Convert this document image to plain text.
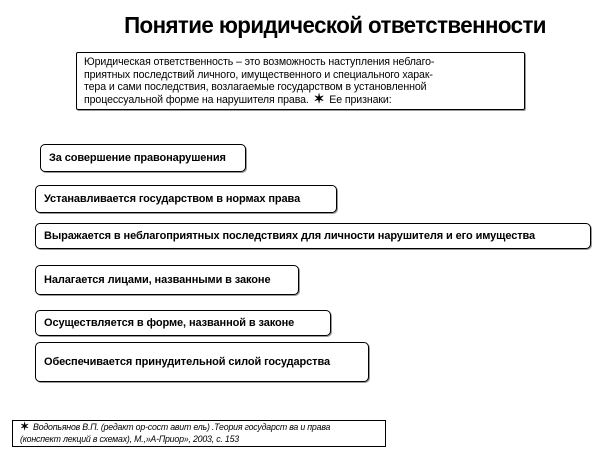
Понятие юридической ответственности
Юридическая ответственность – это возможность наступления неблаго-
приятных последствий личного, имущественного и специального харак-
тера и сами последствия, возлагаемые государством в установленной
процессуальной форме на нарушителя права. ✶ Ее признаки:
За совершение правонарушения
Устанавливается государством в нормах права
Выражается в неблагоприятных последствиях для личности нарушителя и его имущества
Налагается лицами, названными в законе
Осуществляется в форме, названной в законе
Обеспечивается принудительной силой государства
✶ Водопьянов В.П. (редакт ор-сост авит ель) .Теория государст ва и права
(конспект лекций в схемах), М.,»А-Приор», 2003, с. 153
